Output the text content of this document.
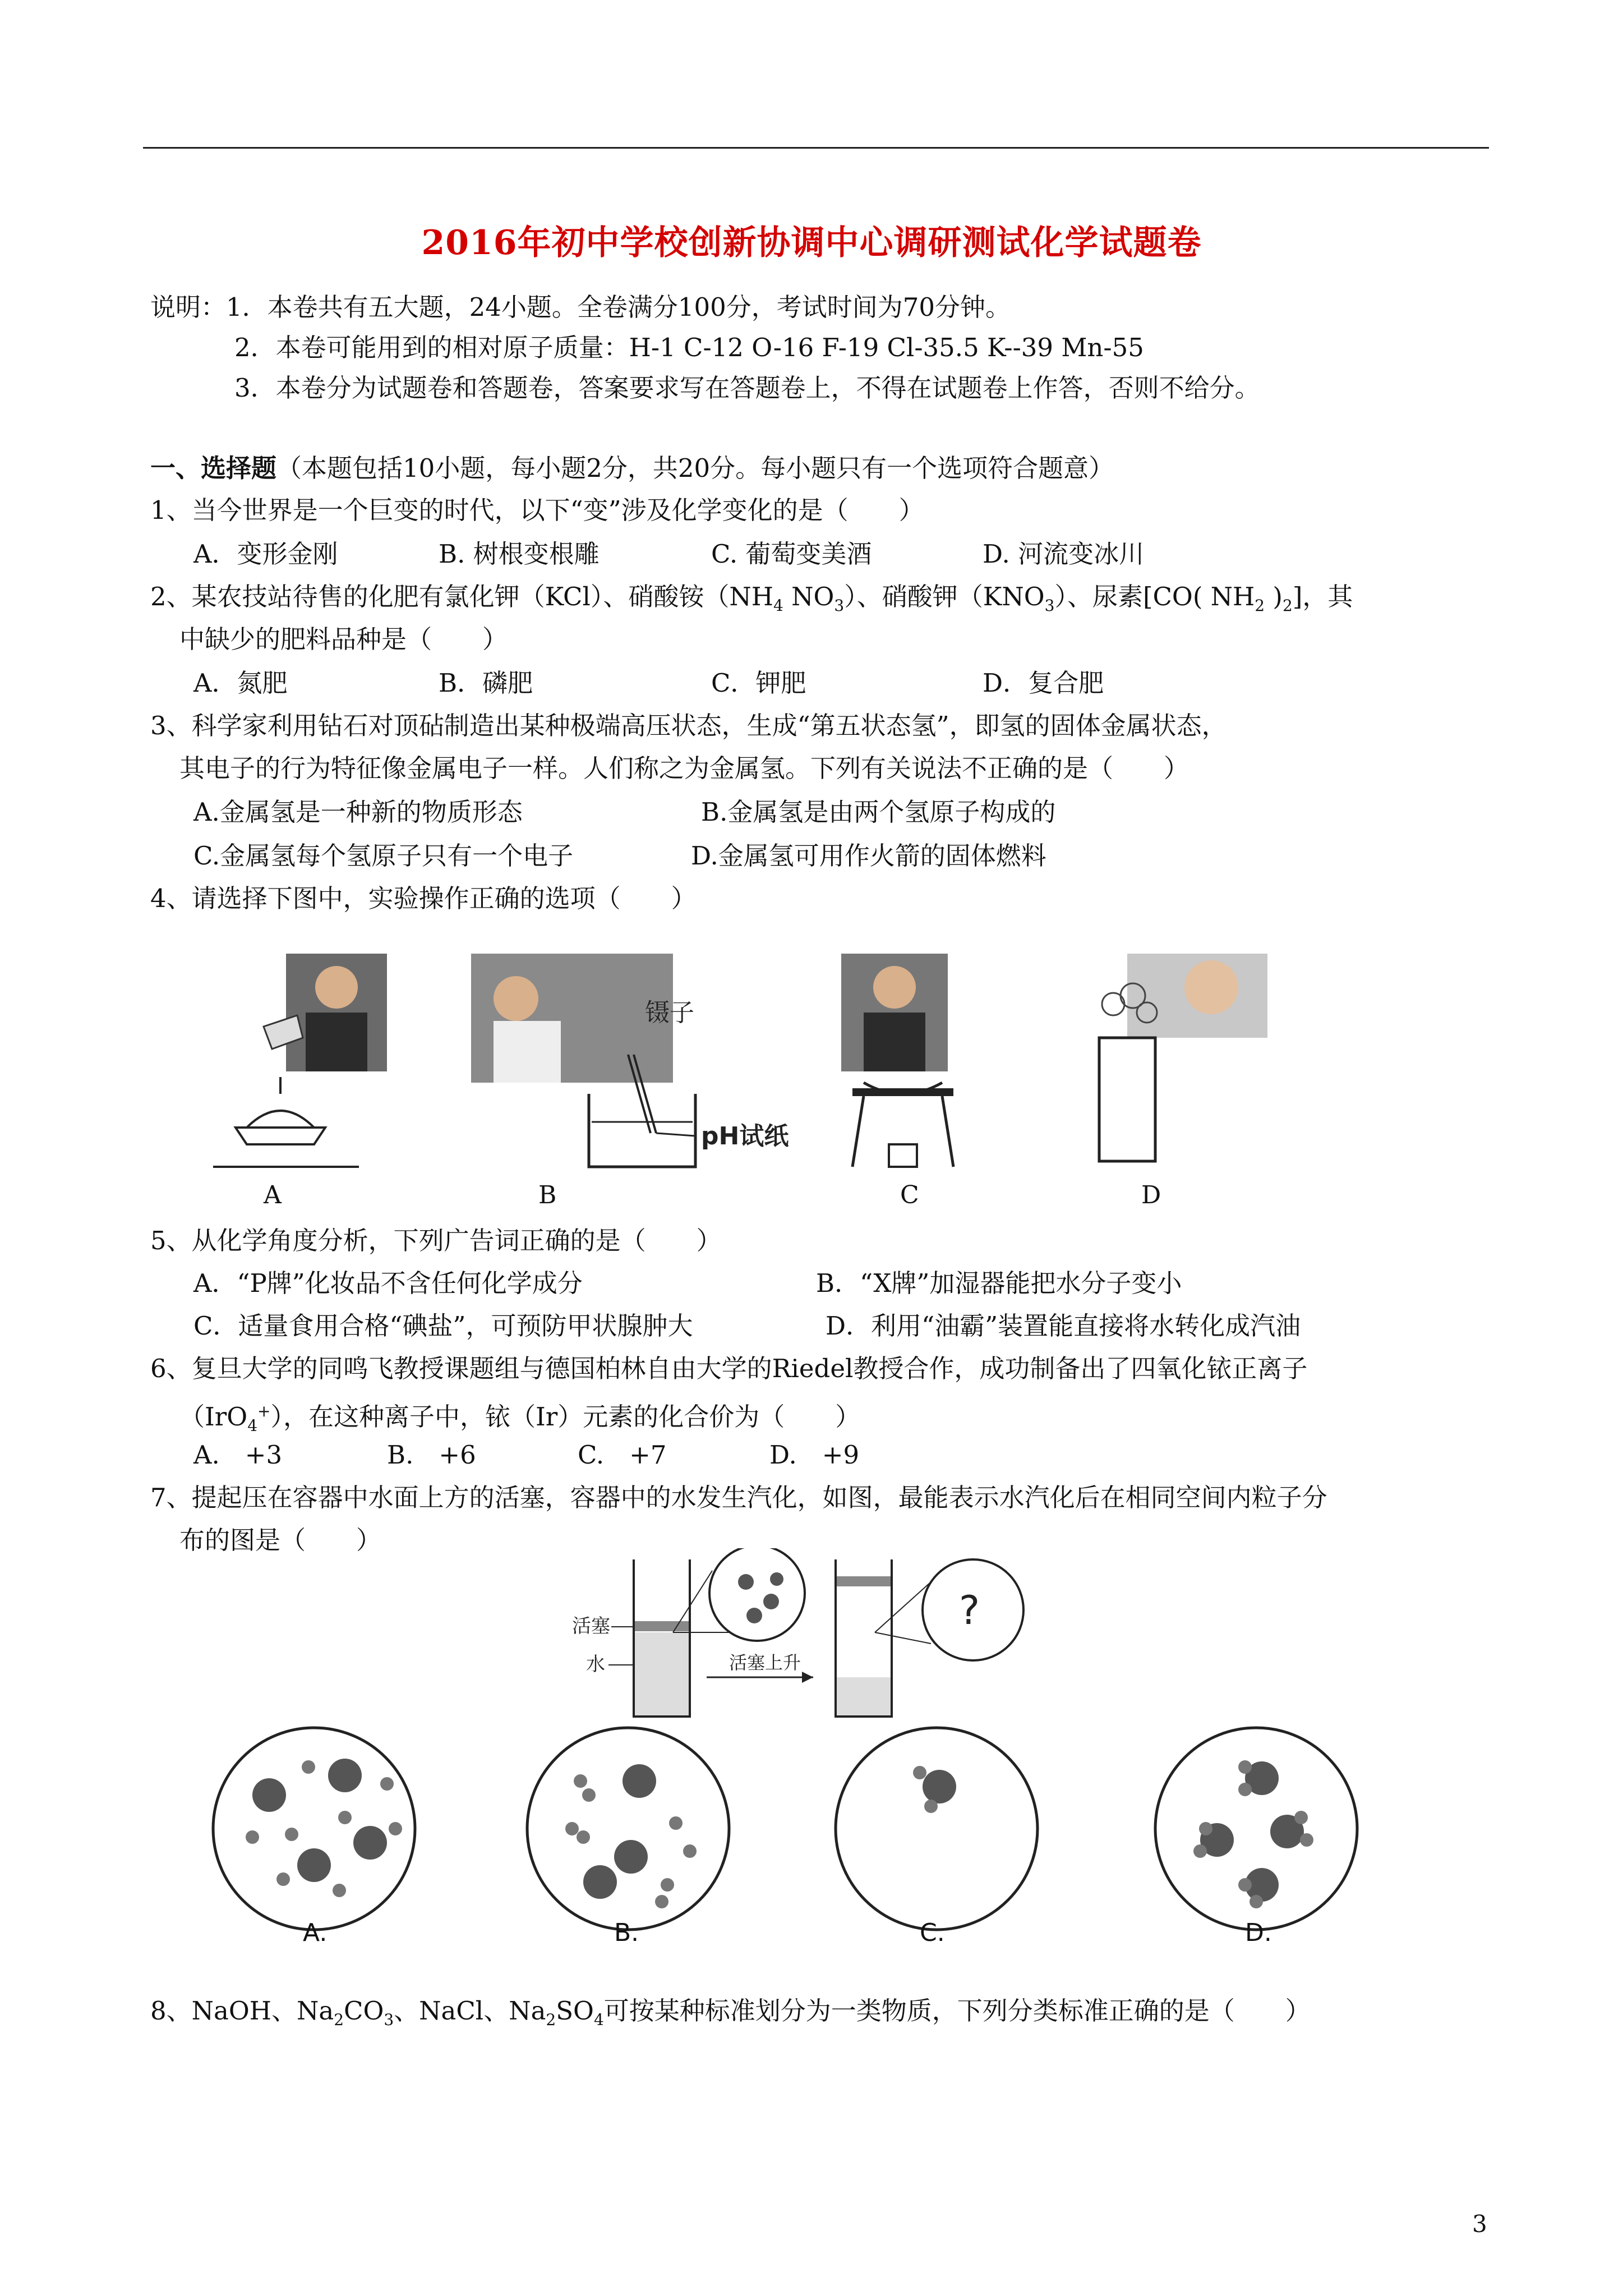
2016年初中学校创新协调中心调研测试化学试题卷
说明：1．本卷共有五大题，24小题。全卷满分100分，考试时间为70分钟。
2．本卷可能用到的相对原子质量：H-1 C-12 O-16 F-19 Cl-35.5 K--39 Mn-55
3．本卷分为试题卷和答题卷，答案要求写在答题卷上，不得在试题卷上作答，否则不给分。
一、选择题（本题包括10小题，每小题2分，共20分。每小题只有一个选项符合题意）
1、当今世界是一个巨变的时代，以下“变”涉及化学变化的是（　　）
A．变形金刚	B. 树根变根雕	C. 葡萄变美酒	D. 河流变冰川
2、某农技站待售的化肥有氯化钾（KCl）、硝酸铵（$NH_4$ $NO_3$）、硝酸钾$(KNO_3)$、尿素[CO( $NH_2$ )$_2$]，其
中缺少的肥料品种是（　　）
A．氮肥	B．磷肥	C．钾肥	D．复合肥
3、科学家利用钻石对顶砧制造出某种极端高压状态，生成“第五状态氢”，即氢的固体金属状态，
其电子的行为特征像金属电子一样。人们称之为金属氢。下列有关说法不正确的是（　　）
A.金属氢是一种新的物质形态	B.金属氢是由两个氢原子构成的
C.金属氢每个氢原子只有一个电子	D.金属氢可用作火箭的固体燃料
4、请选择下图中，实验操作正确的选项（　　）
镊子
pH试纸
A	B	C	D
5、从化学角度分析，下列广告词正确的是（　　）
A．“P牌”化妆品不含任何化学成分	B．“X牌”加湿器能把水分子变小
C．适量食用合格“碘盐”，可预防甲状腺肿大	D．利用“油霸”装置能直接将水转化成汽油
6、复旦大学的同鸣飞教授课题组与德国柏林自由大学的Riedel教授合作，成功制备出了四氧化铱正离子
（IrO$_4$+），在这种离子中，铱（Ir）元素的化合价为（　　）
A.　+3	B.　+6	C.　+7	D.　+9
7、提起压在容器中水面上方的活塞，容器中的水发生汽化，如图，最能表示水汽化后在相同空间内粒子分
布的图是（　　）
活塞
水	活塞上升
?
A.	B.	C.	D.
8、NaOH、$Na_2CO_3$、NaCl、$Na_2SO_4$可按某种标准划分为一类物质，下列分类标准正确的是（　　）
3
